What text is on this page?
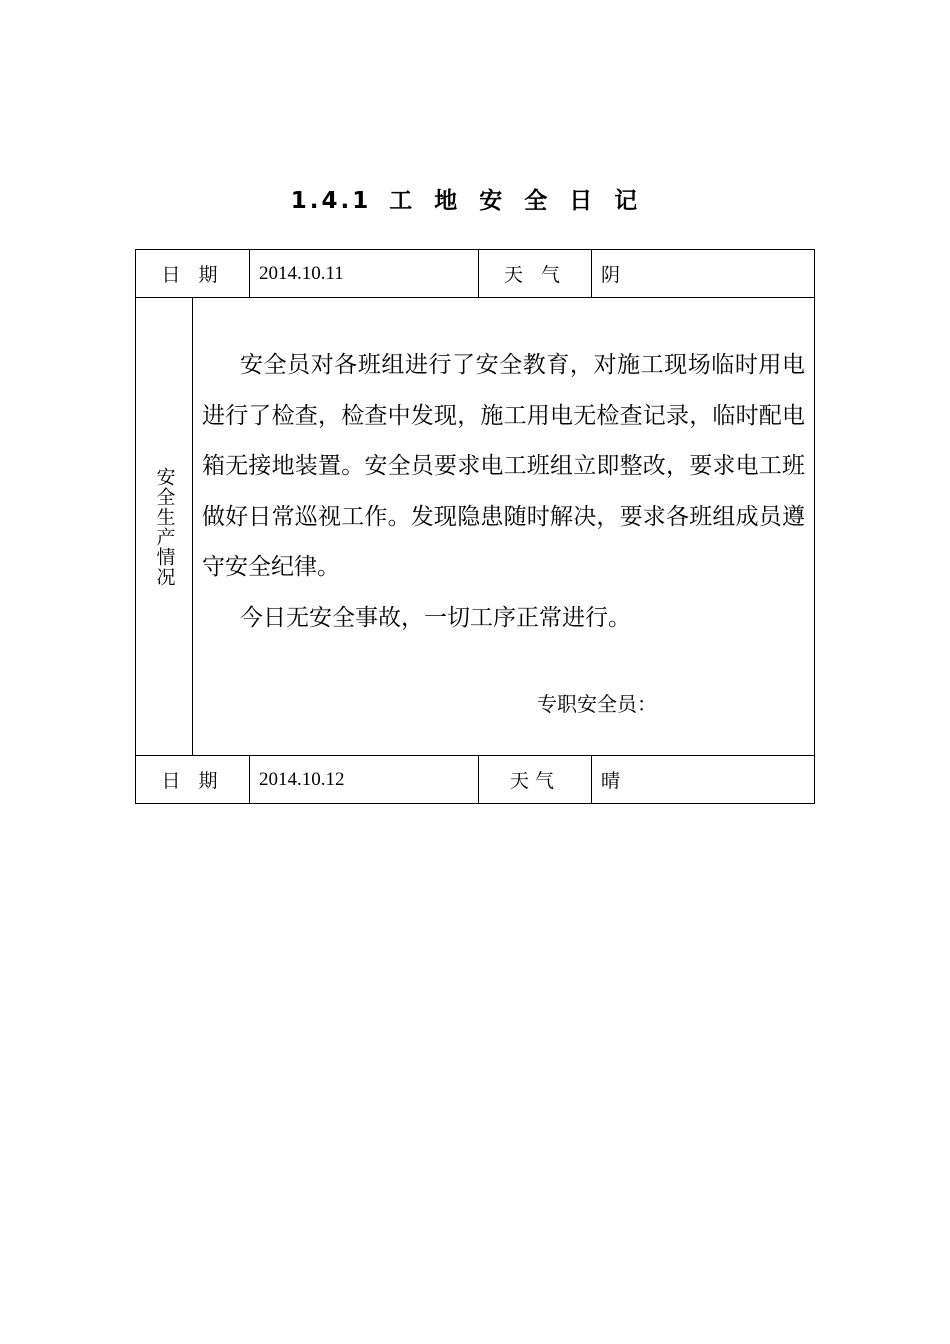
1.4.1 工地安全日记
日 期	2014.10.11	天 气	阴
安全生产情况

安全员对各班组进行了安全教育，对施工现场临时用电进行了检查，检查中发现，施工用电无检查记录，临时配电箱无接地装置。安全员要求电工班组立即整改，要求电工班做好日常巡视工作。发现隐患随时解决，要求各班组成员遵守安全纪律。

今日无安全事故，一切工序正常进行。

专职安全员：
日 期	2014.10.12	天气	晴
